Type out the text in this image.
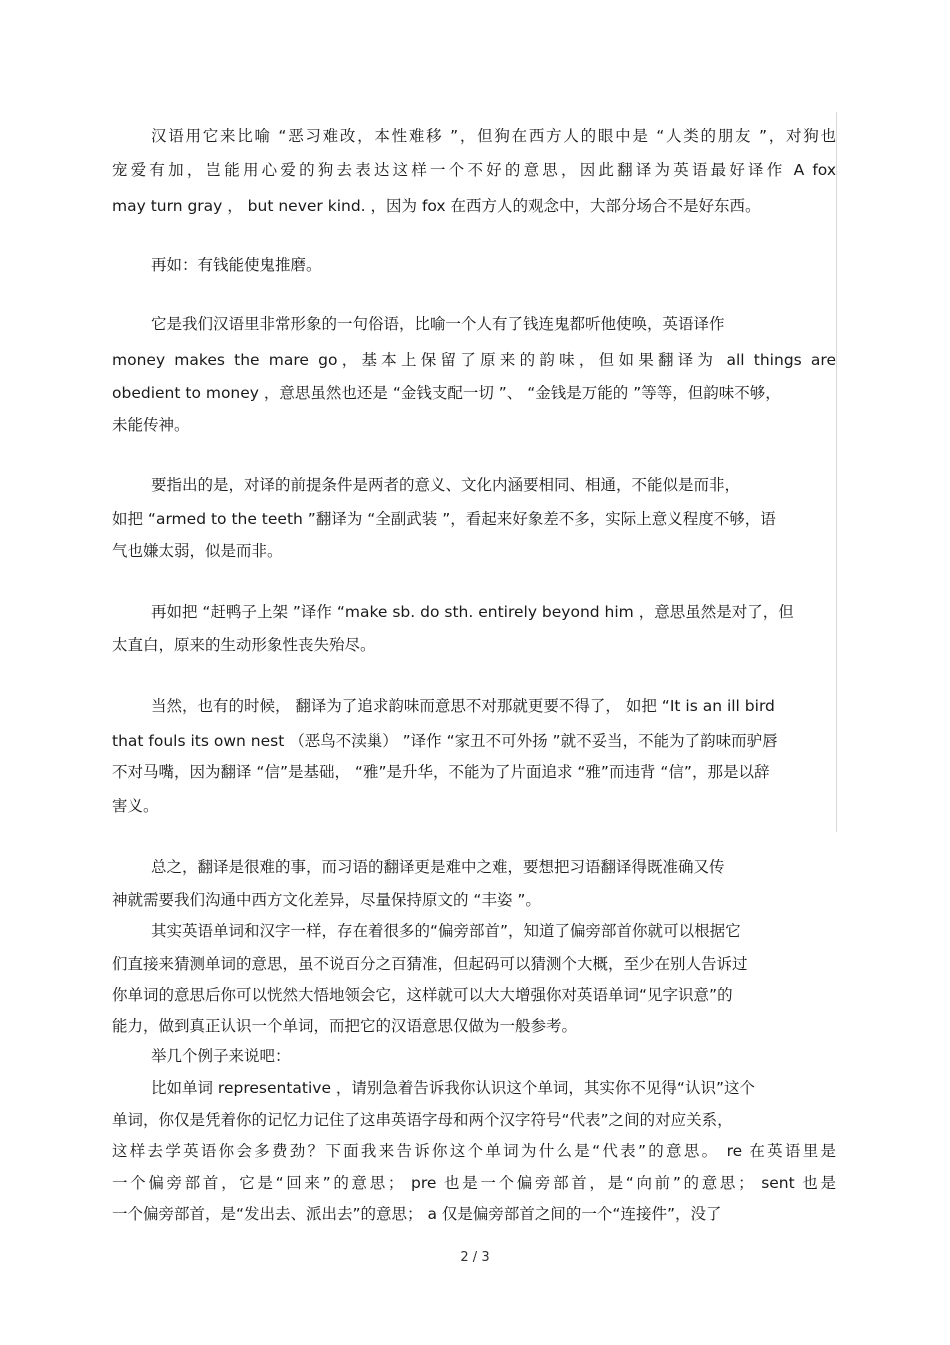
汉语用它来比喻 “恶习难改，本性难移 ”，但狗在西方人的眼中是 “人类的朋友 ”，对狗也

宠爱有加，岂能用心爱的狗去表达这样一个不好的意思，因此翻译为英语最好译作 A fox

may turn gray ， but never kind. ，因为 fox 在西方人的观念中，大部分场合不是好东西。

再如：有钱能使鬼推磨。

它是我们汉语里非常形象的一句俗语，比喻一个人有了钱连鬼都听他使唤，英语译作

money makes the mare go，基本上保留了原来的韵味，但如果翻译为 all things are

obedient to money ，意思虽然也还是 “金钱支配一切 ”、 “金钱是万能的 ”等等，但韵味不够，

未能传神。

要指出的是，对译的前提条件是两者的意义、文化内涵要相同、相通，不能似是而非，

如把 “armed to the teeth ”翻译为 “全副武装 ”，看起来好象差不多，实际上意义程度不够，语

气也嫌太弱，似是而非。

再如把 “赶鸭子上架 ”译作 “make sb. do sth. entirely beyond him ，意思虽然是对了，但

太直白，原来的生动形象性丧失殆尽。

当然，也有的时候， 翻译为了追求韵味而意思不对那就更要不得了， 如把 “It is an ill bird

that fouls its own nest （恶鸟不渎巢） ”译作 “家丑不可外扬 ”就不妥当，不能为了韵味而驴唇

不对马嘴，因为翻译 “信”是基础， “雅”是升华，不能为了片面追求 “雅”而违背 “信”，那是以辞

害义。

总之，翻译是很难的事，而习语的翻译更是难中之难，要想把习语翻译得既准确又传

神就需要我们沟通中西方文化差异，尽量保持原文的 “丰姿 ”。

其实英语单词和汉字一样，存在着很多的“偏旁部首”，知道了偏旁部首你就可以根据它

们直接来猜测单词的意思，虽不说百分之百猜准，但起码可以猜测个大概，至少在别人告诉过

你单词的意思后你可以恍然大悟地领会它，这样就可以大大增强你对英语单词“见字识意”的

能力，做到真正认识一个单词，而把它的汉语意思仅做为一般参考。

举几个例子来说吧：

比如单词 representative ，请别急着告诉我你认识这个单词，其实你不见得“认识”这个

单词，你仅是凭着你的记忆力记住了这串英语字母和两个汉字符号“代表”之间的对应关系，

这样去学英语你会多费劲？下面我来告诉你这个单词为什么是“代表”的意思。 re 在英语里是

一个偏旁部首，它是“回来”的意思； pre 也是一个偏旁部首，是“向前”的意思； sent 也是

一个偏旁部首，是“发出去、派出去”的意思； a 仅是偏旁部首之间的一个“连接件”，没了

2 / 3
